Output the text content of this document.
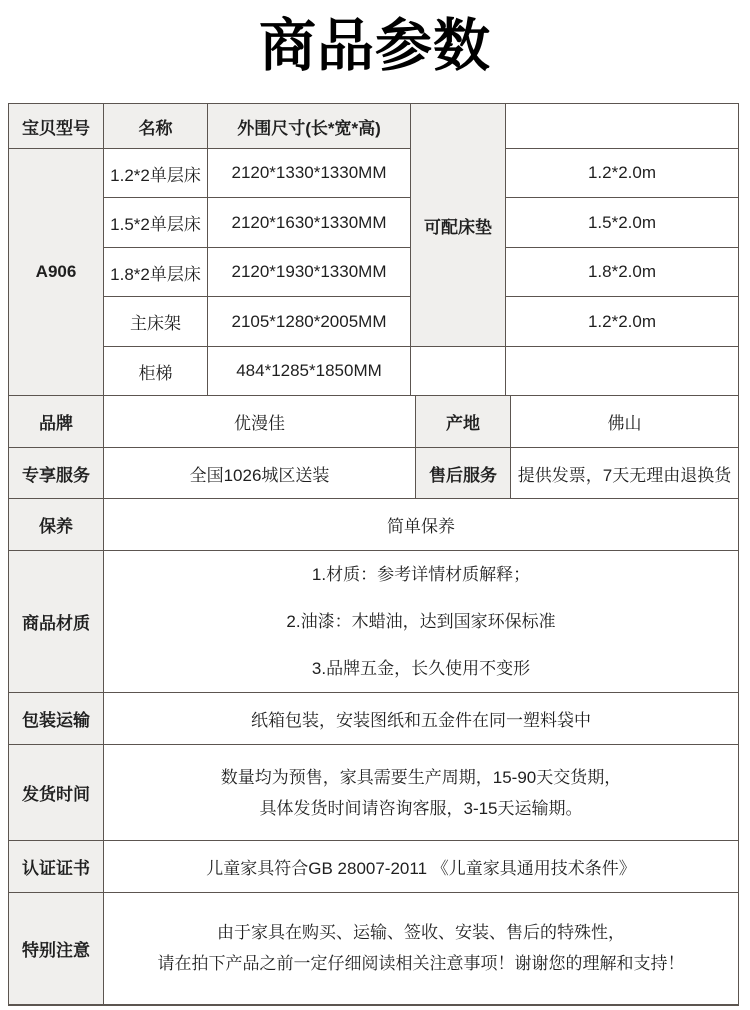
商品参数
宝贝型号	名称	外围尺寸(长*宽*高)	可配床垫			
A906	1.2*2单层床	2120*1330*1330MM			1.2*2.0m	
	1.5*2单层床	2120*1630*1330MM			1.5*2.0m	
	1.8*2单层床	2120*1930*1330MM			1.8*2.0m	
	主床架	2105*1280*2005MM			1.2*2.0m	
	柜梯	484*1285*1850MM				
品牌	优漫佳			产地		佛山
专享服务	全国1026城区送装			售后服务		提供发票，7天无理由退换货
保养	简单保养					
商品材质	1.材质：参考详情材质解释；
2.油漆：木蜡油，达到国家环保标准
3.品牌五金，长久使用不变形					

包装运输	纸箱包装，安装图纸和五金件在同一塑料袋中					
发货时间	数量均为预售，家具需要生产周期，15-90天交货期，
具体发货时间请咨询客服，3-15天运输期。					

认证证书	儿童家具符合GB 28007-2011 《儿童家具通用技术条件》					
特别注意	由于家具在购买、运输、签收、安装、售后的特殊性，
请在拍下产品之前一定仔细阅读相关注意事项！谢谢您的理解和支持！					
